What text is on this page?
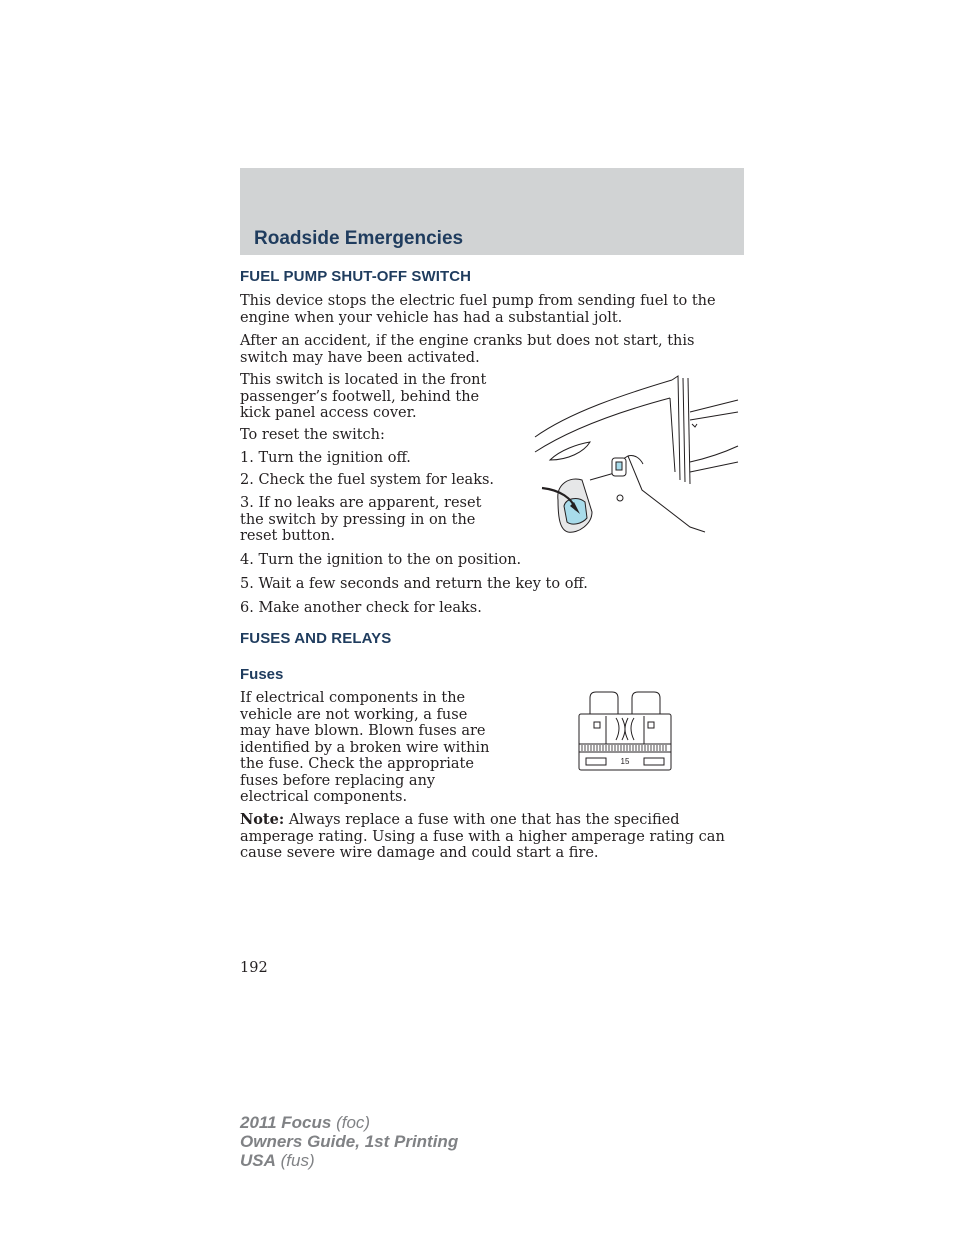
Roadside Emergencies
FUEL PUMP SHUT-OFF SWITCH

This device stops the electric fuel pump from sending fuel to the engine when your vehicle has had a substantial jolt.

After an accident, if the engine cranks but does not start, this switch may have been activated.

This switch is located in the front passenger’s footwell, behind the kick panel access cover.

To reset the switch:

1. Turn the ignition off.

2. Check the fuel system for leaks.

3. If no leaks are apparent, reset the switch by pressing in on the reset button.

4. Turn the ignition to the on position.

5. Wait a few seconds and return the key to off.

6. Make another check for leaks.

FUSES AND RELAYS
Fuses

If electrical components in the vehicle are not working, a fuse may have blown. Blown fuses are identified by a broken wire within the fuse. Check the appropriate fuses before replacing any electrical components.

15

Note: Always replace a fuse with one that has the specified amperage rating. Using a fuse with a higher amperage rating can cause severe wire damage and could start a fire.

192

2011 Focus (foc)
Owners Guide, 1st Printing
USA (fus)
